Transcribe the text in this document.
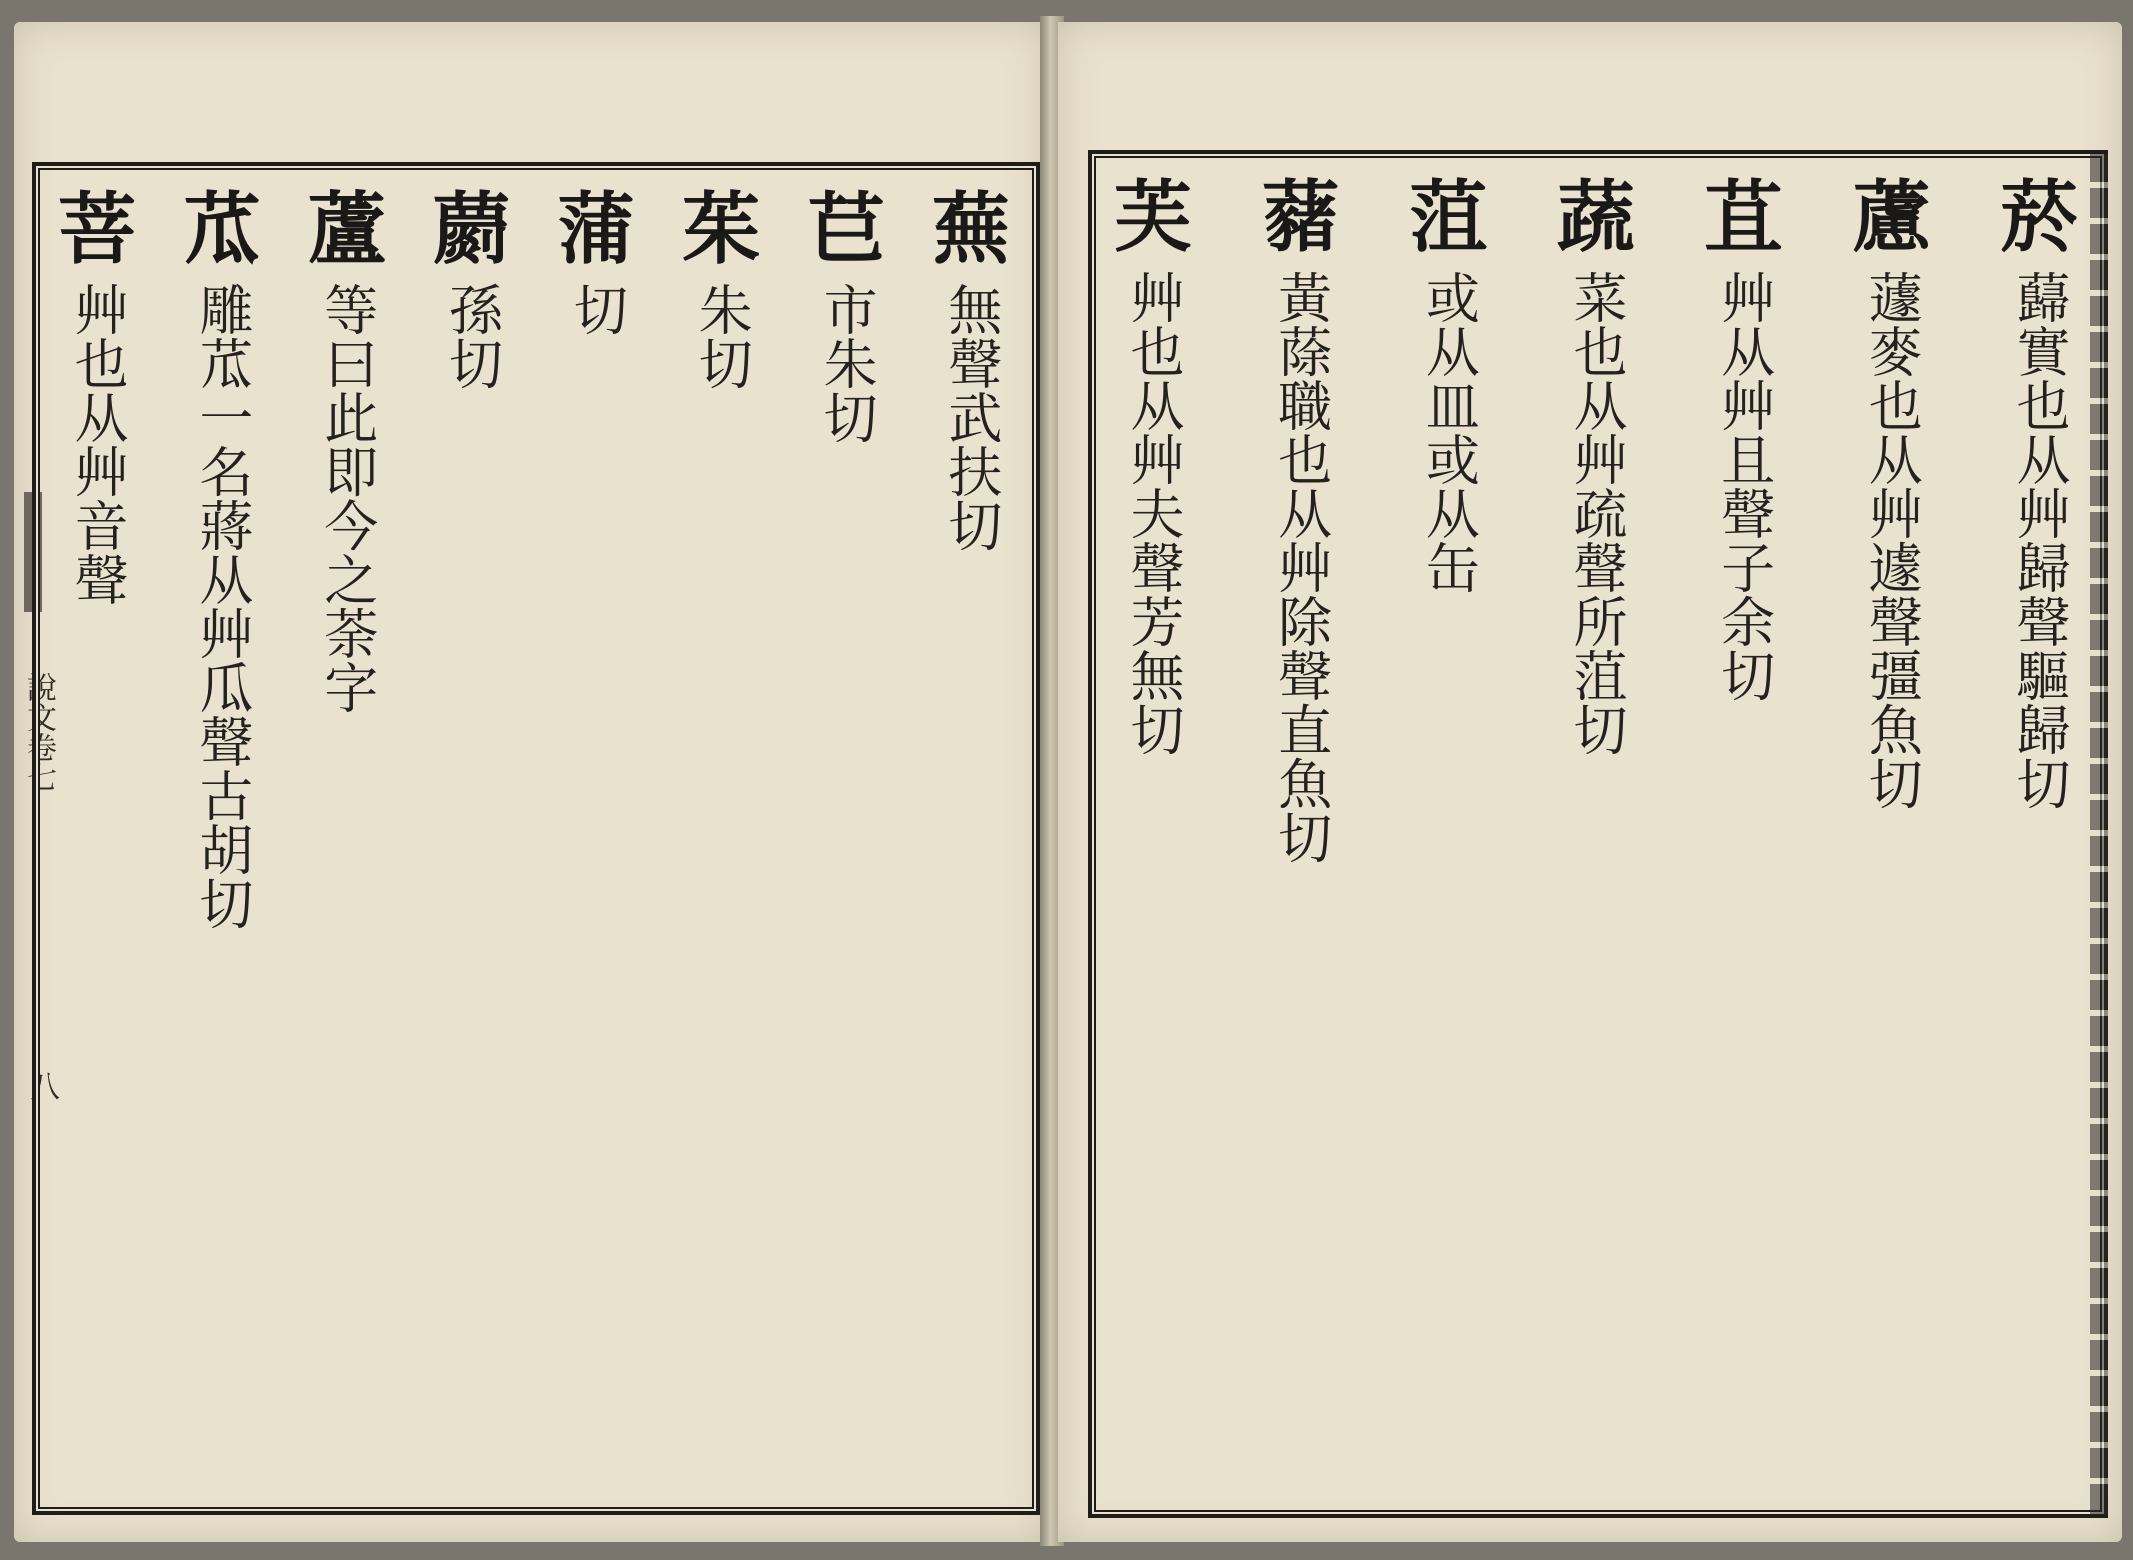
說文卷七
八
蕪
無聲武扶切
𦬊
市朱切
茱
朱切
蒲
切
蘮
孫切
蘆
等曰此即今之荼字
苽
雕苽一名蔣从艸瓜聲古胡切
菩
艸也从艸音聲
菸
蘬實也从艸歸聲驅歸切
藘
蘧麥也从艸遽聲彊魚切
苴
艸从艸且聲子余切
蔬
菜也从艸疏聲所菹切
菹
或从皿或从缶
藸
黃蒢職也从艸除聲直魚切
芙
艸也从艸夫聲芳無切
